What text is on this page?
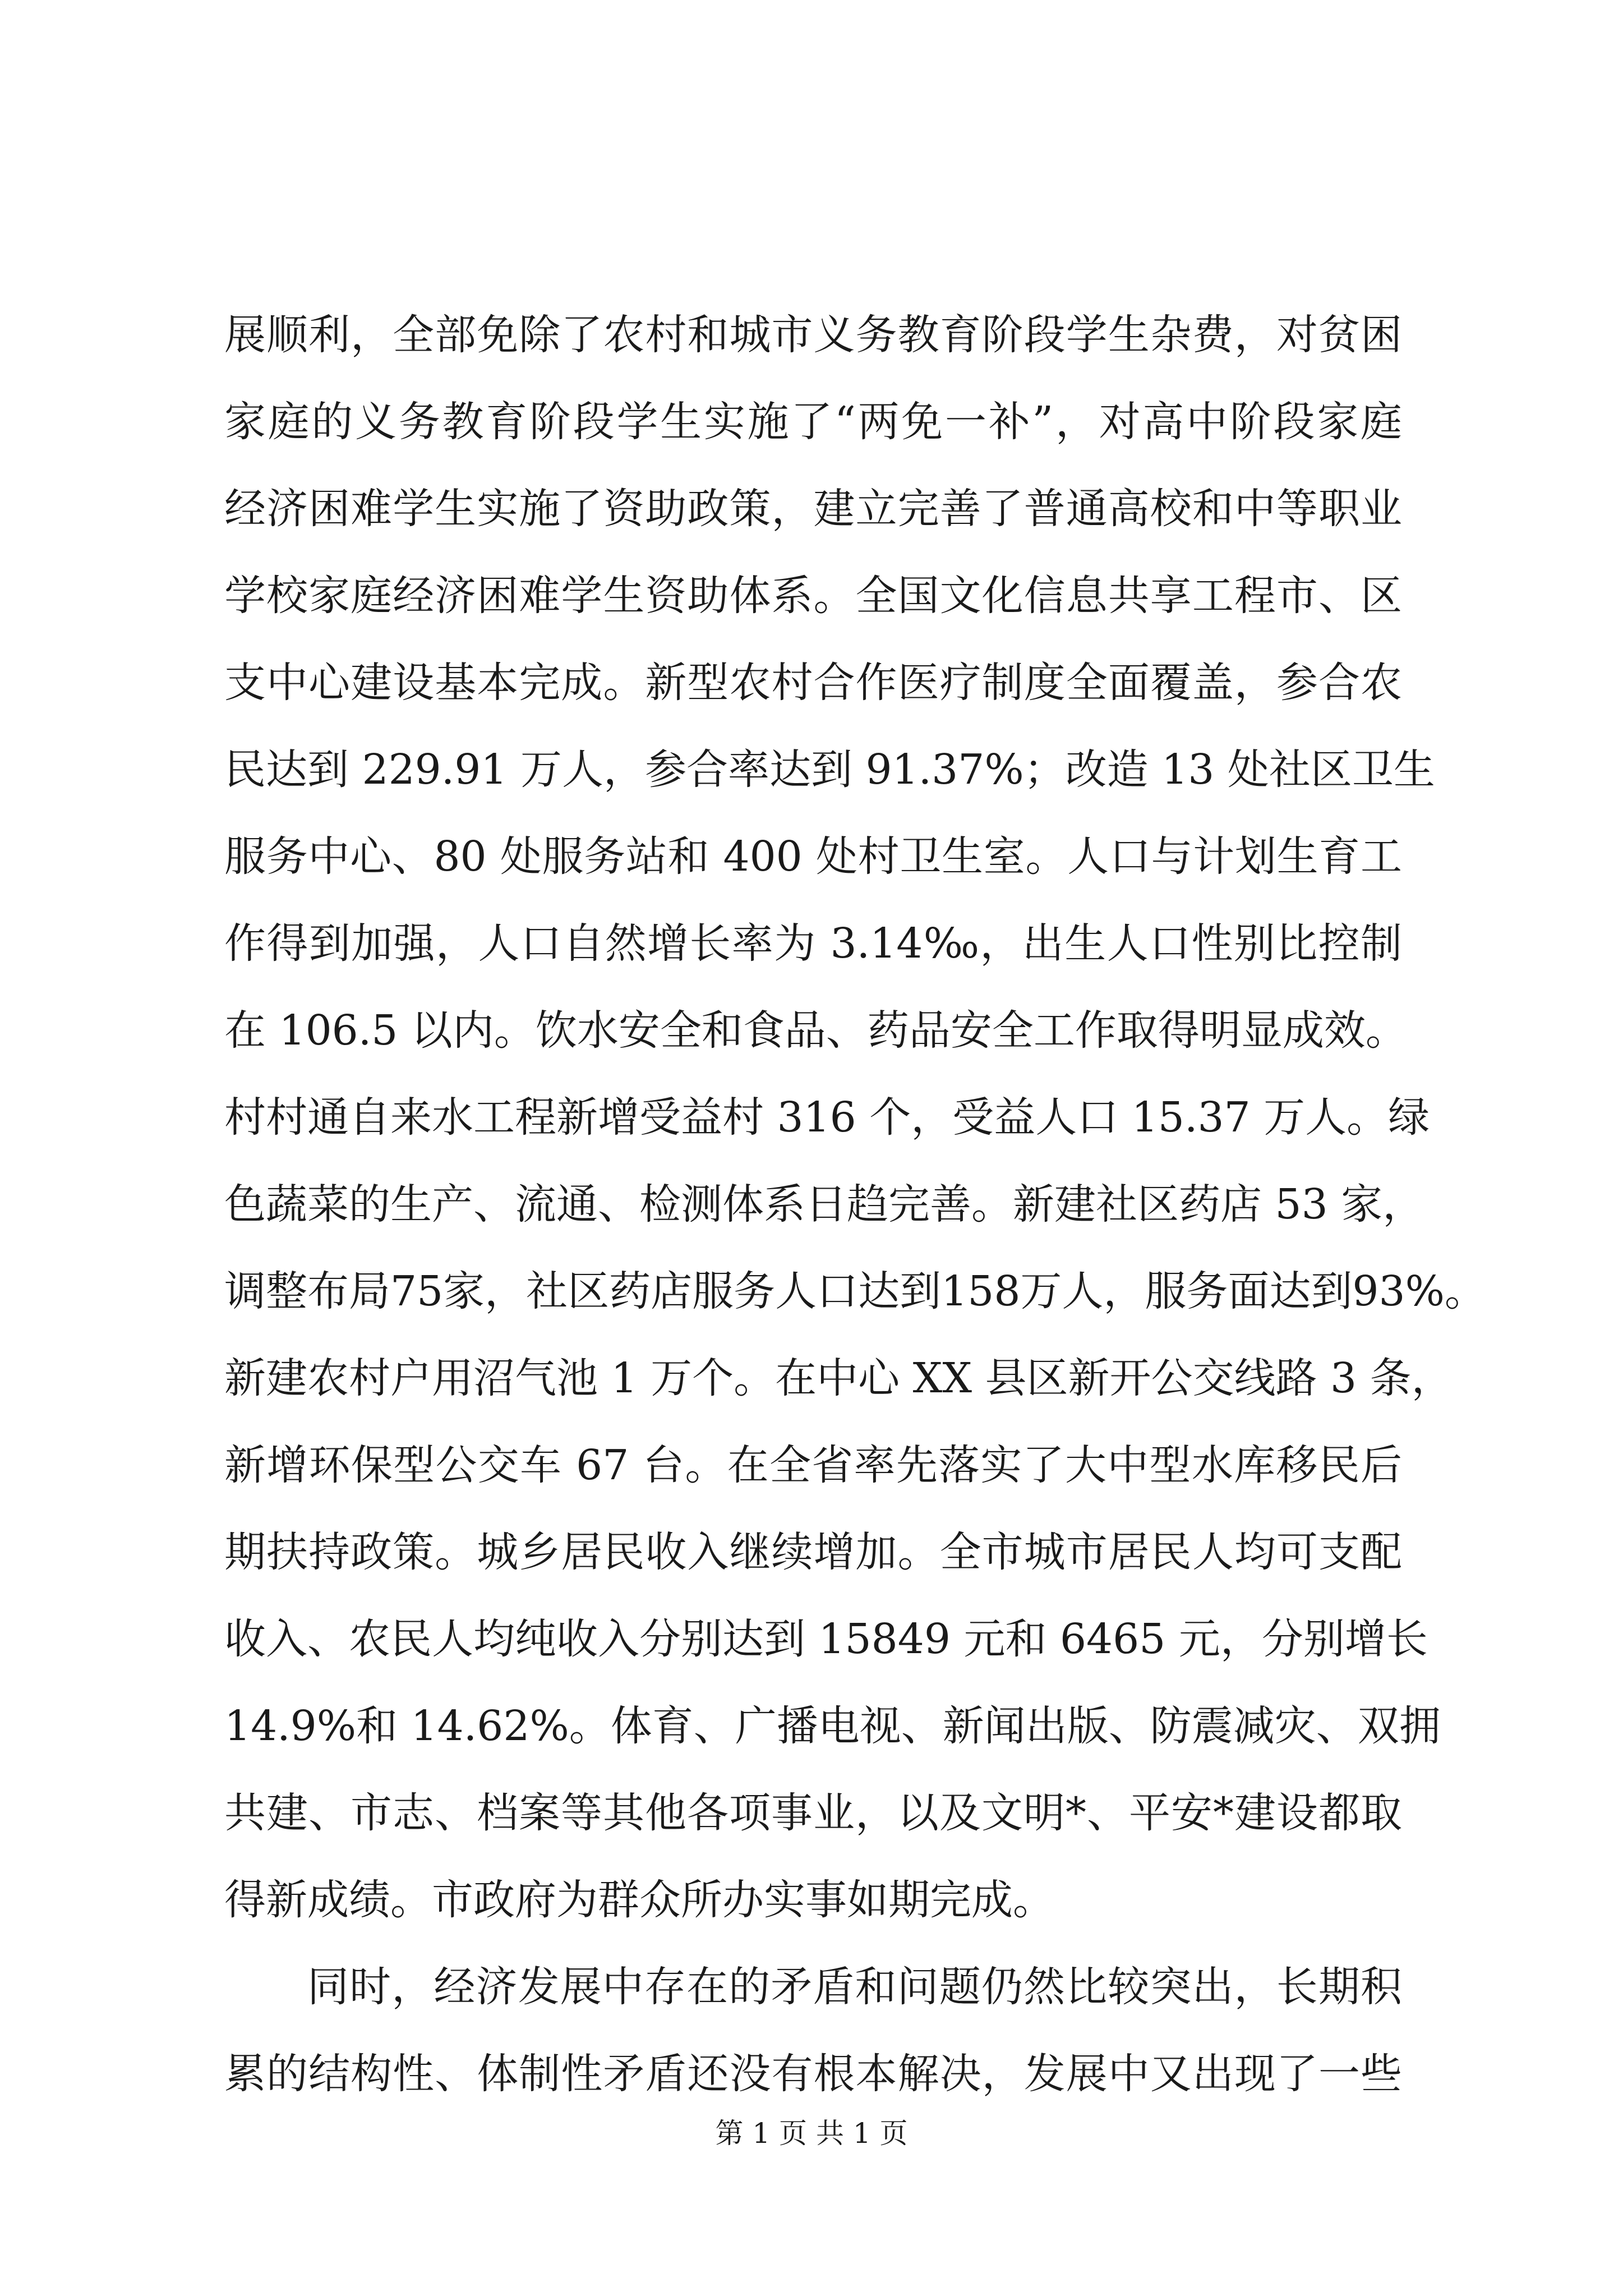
展顺利，全部免除了农村和城市义务教育阶段学生杂费，对贫困
家庭的义务教育阶段学生实施了“两免一补”，对高中阶段家庭
经济困难学生实施了资助政策，建立完善了普通高校和中等职业
学校家庭经济困难学生资助体系。全国文化信息共享工程市、区
支中心建设基本完成。新型农村合作医疗制度全面覆盖，参合农
民达到 229.91 万人，参合率达到 91.37%；改造 13 处社区卫生
服务中心、80 处服务站和 400 处村卫生室。人口与计划生育工
作得到加强，人口自然增长率为 3.14‰，出生人口性别比控制
在 106.5 以内。饮水安全和食品、药品安全工作取得明显成效。
村村通自来水工程新增受益村 316 个，受益人口 15.37 万人。绿
色蔬菜的生产、流通、检测体系日趋完善。新建社区药店 53 家，
调整布局75家，社区药店服务人口达到158万人，服务面达到93%。
新建农村户用沼气池 1 万个。在中心 XX 县区新开公交线路 3 条，
新增环保型公交车 67 台。在全省率先落实了大中型水库移民后
期扶持政策。城乡居民收入继续增加。全市城市居民人均可支配
收入、农民人均纯收入分别达到 15849 元和 6465 元，分别增长
14.9%和 14.62%。体育、广播电视、新闻出版、防震减灾、双拥
共建、市志、档案等其他各项事业，以及文明*、平安*建设都取
得新成绩。市政府为群众所办实事如期完成。
同时，经济发展中存在的矛盾和问题仍然比较突出，长期积
累的结构性、体制性矛盾还没有根本解决，发展中又出现了一些
第 1 页 共 1 页
